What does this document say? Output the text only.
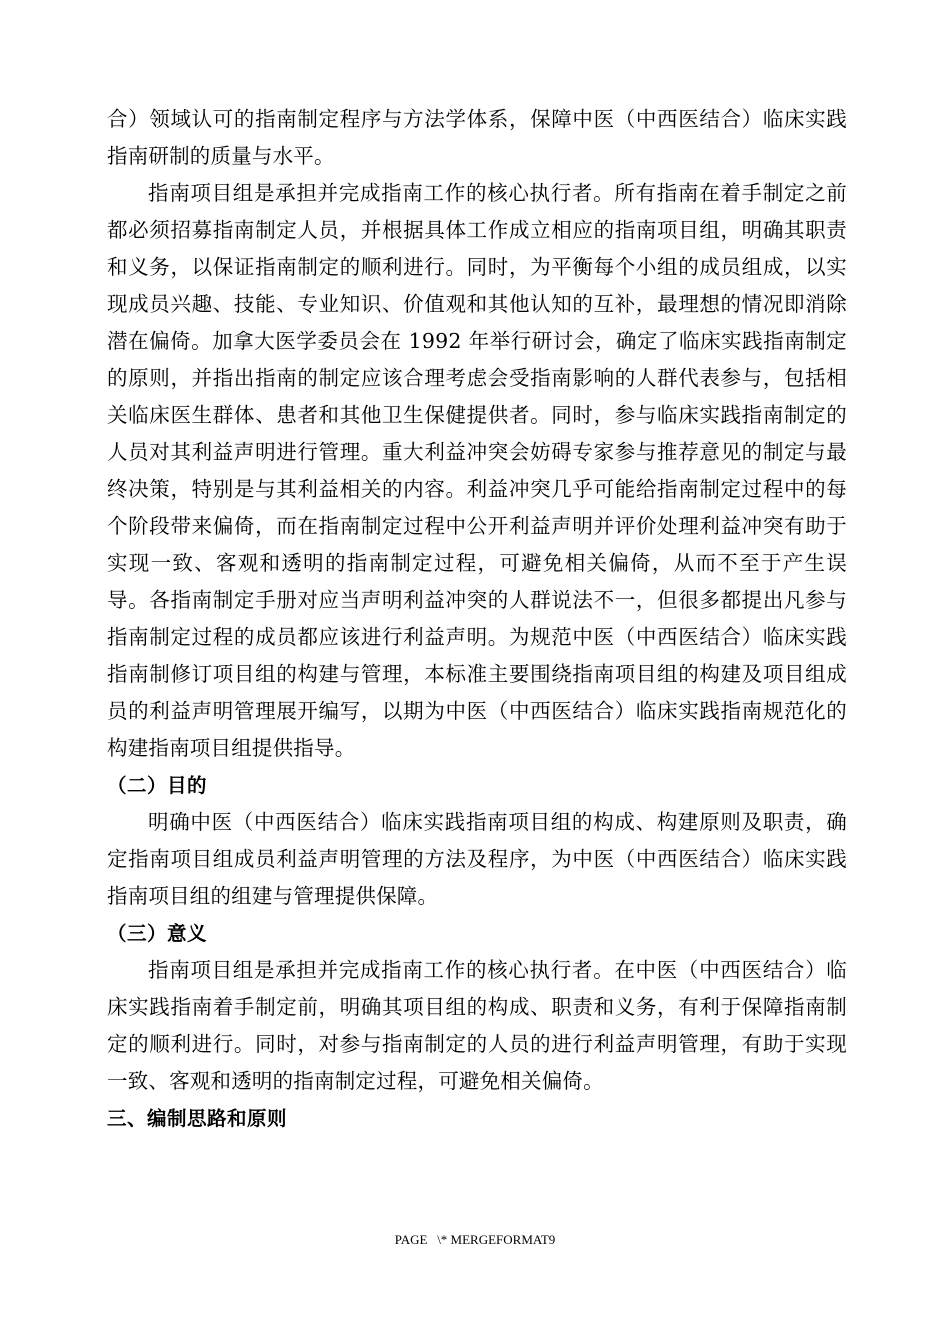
合）领域认可的指南制定程序与方法学体系，保障中医（中西医结合）临床实践指南研制的质量与水平。

指南项目组是承担并完成指南工作的核心执行者。所有指南在着手制定之前都必须招募指南制定人员，并根据具体工作成立相应的指南项目组，明确其职责和义务，以保证指南制定的顺利进行。同时，为平衡每个小组的成员组成，以实现成员兴趣、技能、专业知识、价值观和其他认知的互补，最理想的情况即消除潜在偏倚。加拿大医学委员会在 1992 年举行研讨会，确定了临床实践指南制定的原则，并指出指南的制定应该合理考虑会受指南影响的人群代表参与，包括相关临床医生群体、患者和其他卫生保健提供者。同时，参与临床实践指南制定的人员对其利益声明进行管理。重大利益冲突会妨碍专家参与推荐意见的制定与最终决策，特别是与其利益相关的内容。利益冲突几乎可能给指南制定过程中的每个阶段带来偏倚，而在指南制定过程中公开利益声明并评价处理利益冲突有助于实现一致、客观和透明的指南制定过程，可避免相关偏倚，从而不至于产生误导。各指南制定手册对应当声明利益冲突的人群说法不一，但很多都提出凡参与指南制定过程的成员都应该进行利益声明。为规范中医（中西医结合）临床实践指南制修订项目组的构建与管理，本标准主要围绕指南项目组的构建及项目组成员的利益声明管理展开编写，以期为中医（中西医结合）临床实践指南规范化的构建指南项目组提供指导。

（二）目的

明确中医（中西医结合）临床实践指南项目组的构成、构建原则及职责，确定指南项目组成员利益声明管理的方法及程序，为中医（中西医结合）临床实践指南项目组的组建与管理提供保障。

（三）意义

指南项目组是承担并完成指南工作的核心执行者。在中医（中西医结合）临床实践指南着手制定前，明确其项目组的构成、职责和义务，有利于保障指南制定的顺利进行。同时，对参与指南制定的人员的进行利益声明管理，有助于实现一致、客观和透明的指南制定过程，可避免相关偏倚。

三、编制思路和原则
PAGE   \* MERGEFORMAT9
